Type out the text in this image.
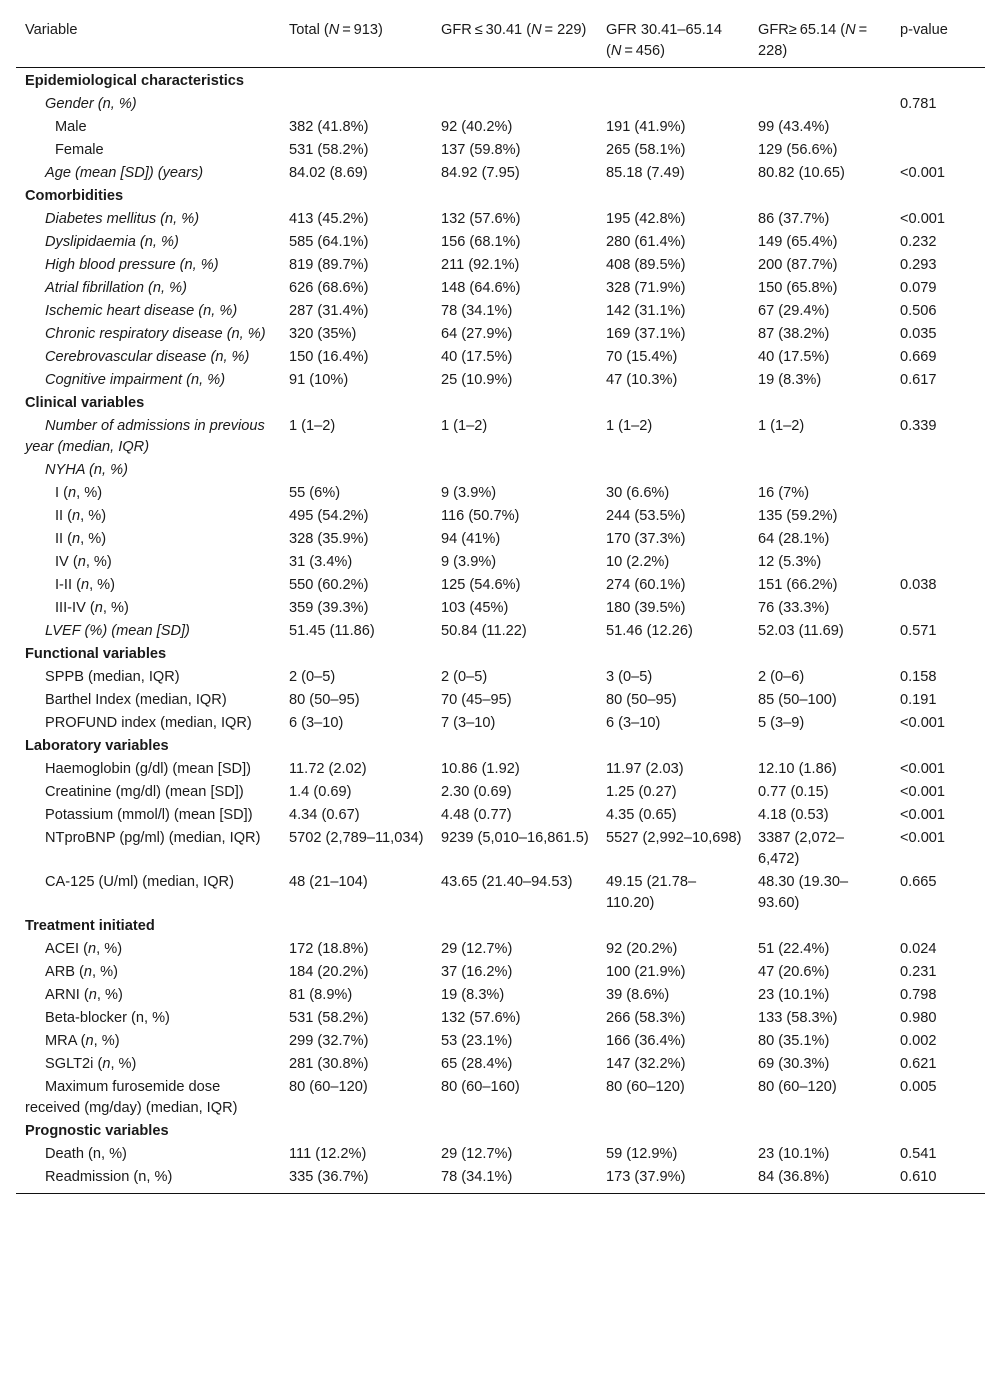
Variable	Total (N = 913)	GFR ≤ 30.41 (N = 229)	GFR 30.41–65.14 (N = 456)	GFR≥ 65.14 (N = 228)	p-value
Epidemiological characteristics					
Gender (n, %)					0.781
Male	382 (41.8%)	92 (40.2%)	191 (41.9%)	99 (43.4%)	
Female	531 (58.2%)	137 (59.8%)	265 (58.1%)	129 (56.6%)	
Age (mean [SD]) (years)	84.02 (8.69)	84.92 (7.95)	85.18 (7.49)	80.82 (10.65)	<0.001
Comorbidities					
Diabetes mellitus (n, %)	413 (45.2%)	132 (57.6%)	195 (42.8%)	86 (37.7%)	<0.001
Dyslipidaemia (n, %)	585 (64.1%)	156 (68.1%)	280 (61.4%)	149 (65.4%)	0.232
High blood pressure (n, %)	819 (89.7%)	211 (92.1%)	408 (89.5%)	200 (87.7%)	0.293
Atrial fibrillation (n, %)	626 (68.6%)	148 (64.6%)	328 (71.9%)	150 (65.8%)	0.079
Ischemic heart disease (n, %)	287 (31.4%)	78 (34.1%)	142 (31.1%)	67 (29.4%)	0.506
Chronic respiratory disease (n, %)	320 (35%)	64 (27.9%)	169 (37.1%)	87 (38.2%)	0.035
Cerebrovascular disease (n, %)	150 (16.4%)	40 (17.5%)	70 (15.4%)	40 (17.5%)	0.669
Cognitive impairment (n, %)	91 (10%)	25 (10.9%)	47 (10.3%)	19 (8.3%)	0.617
Clinical variables					
Number of admissions in previous year (median, IQR)	1 (1–2)	1 (1–2)	1 (1–2)	1 (1–2)	0.339
NYHA (n, %)					
I (n, %)	55 (6%)	9 (3.9%)	30 (6.6%)	16 (7%)	
II (n, %)	495 (54.2%)	116 (50.7%)	244 (53.5%)	135 (59.2%)	
II (n, %)	328 (35.9%)	94 (41%)	170 (37.3%)	64 (28.1%)	
IV (n, %)	31 (3.4%)	9 (3.9%)	10 (2.2%)	12 (5.3%)	
I-II (n, %)	550 (60.2%)	125 (54.6%)	274 (60.1%)	151 (66.2%)	0.038
III-IV (n, %)	359 (39.3%)	103 (45%)	180 (39.5%)	76 (33.3%)	
LVEF (%) (mean [SD])	51.45 (11.86)	50.84 (11.22)	51.46 (12.26)	52.03 (11.69)	0.571
Functional variables					
SPPB (median, IQR)	2 (0–5)	2 (0–5)	3 (0–5)	2 (0–6)	0.158
Barthel Index (median, IQR)	80 (50–95)	70 (45–95)	80 (50–95)	85 (50–100)	0.191
PROFUND index (median, IQR)	6 (3–10)	7 (3–10)	6 (3–10)	5 (3–9)	<0.001
Laboratory variables					
Haemoglobin (g/dl) (mean [SD])	11.72 (2.02)	10.86 (1.92)	11.97 (2.03)	12.10 (1.86)	<0.001
Creatinine (mg/dl) (mean [SD])	1.4 (0.69)	2.30 (0.69)	1.25 (0.27)	0.77 (0.15)	<0.001
Potassium (mmol/l) (mean [SD])	4.34 (0.67)	4.48 (0.77)	4.35 (0.65)	4.18 (0.53)	<0.001
NTproBNP (pg/ml) (median, IQR)	5702 (2,789–11,034)	9239 (5,010–16,861.5)	5527 (2,992–10,698)	3387 (2,072–6,472)	<0.001
CA-125 (U/ml) (median, IQR)	48 (21–104)	43.65 (21.40–94.53)	49.15 (21.78–110.20)	48.30 (19.30–93.60)	0.665
Treatment initiated					
ACEI (n, %)	172 (18.8%)	29 (12.7%)	92 (20.2%)	51 (22.4%)	0.024
ARB (n, %)	184 (20.2%)	37 (16.2%)	100 (21.9%)	47 (20.6%)	0.231
ARNI (n, %)	81 (8.9%)	19 (8.3%)	39 (8.6%)	23 (10.1%)	0.798
Beta-blocker (n, %)	531 (58.2%)	132 (57.6%)	266 (58.3%)	133 (58.3%)	0.980
MRA (n, %)	299 (32.7%)	53 (23.1%)	166 (36.4%)	80 (35.1%)	0.002
SGLT2i (n, %)	281 (30.8%)	65 (28.4%)	147 (32.2%)	69 (30.3%)	0.621
Maximum furosemide dose received (mg/day) (median, IQR)	80 (60–120)	80 (60–160)	80 (60–120)	80 (60–120)	0.005
Prognostic variables					
Death (n, %)	111 (12.2%)	29 (12.7%)	59 (12.9%)	23 (10.1%)	0.541
Readmission (n, %)	335 (36.7%)	78 (34.1%)	173 (37.9%)	84 (36.8%)	0.610
